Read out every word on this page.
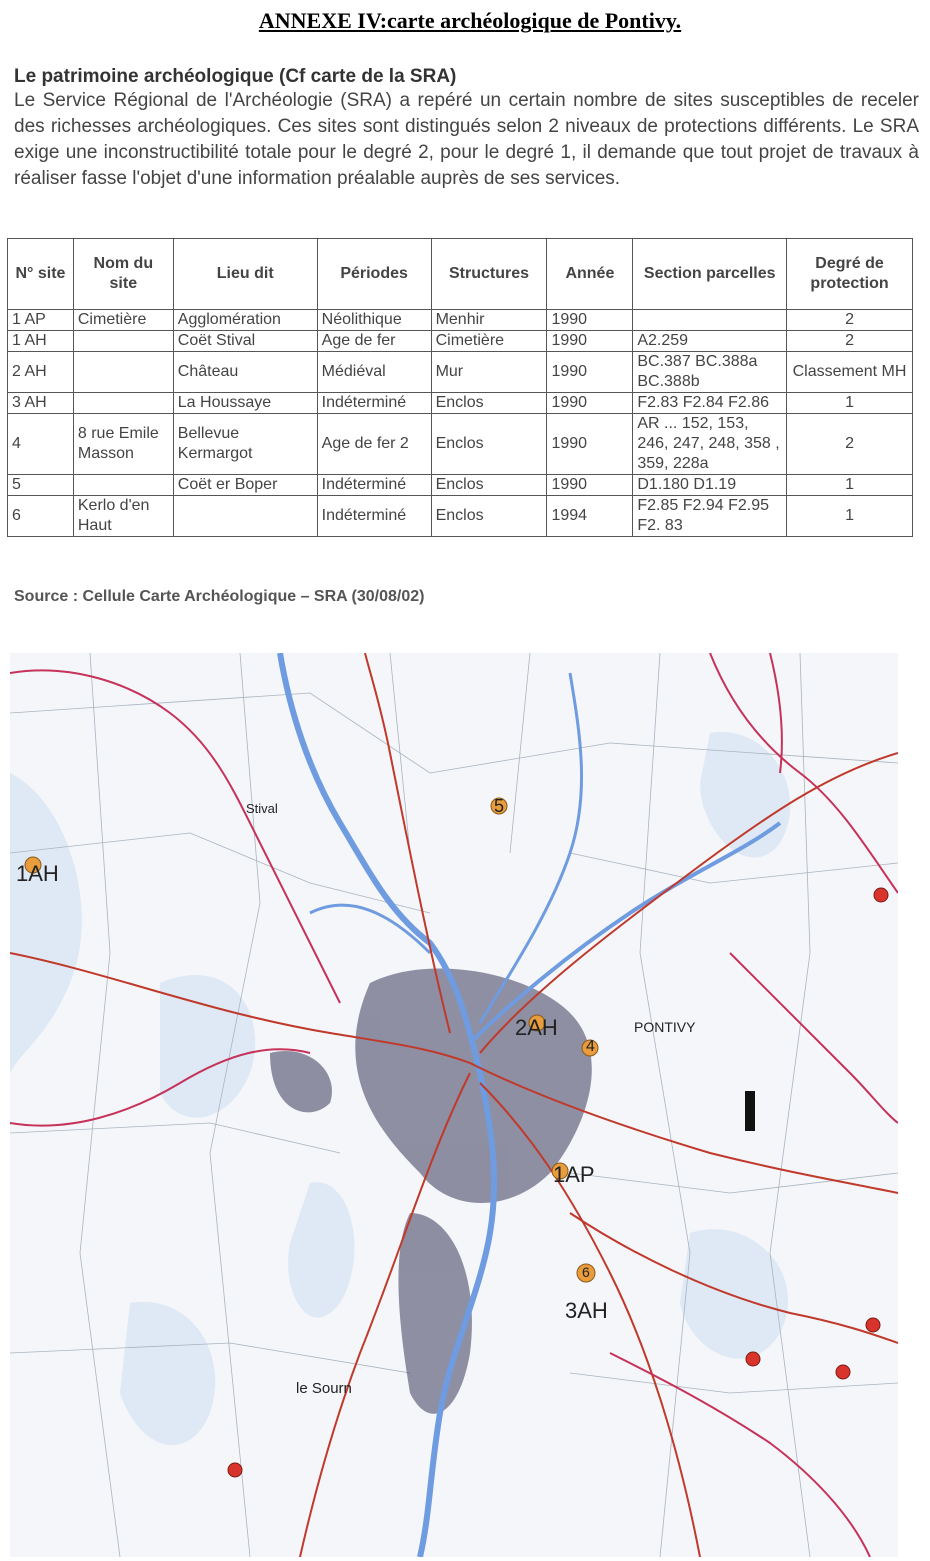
ANNEXE IV:carte archéologique de Pontivy.
Le patrimoine archéologique (Cf carte de la SRA)
Le Service Régional de l'Archéologie (SRA) a repéré un certain nombre de sites susceptibles de receler des richesses archéologiques. Ces sites sont distingués selon 2 niveaux de protections différents. Le SRA exige une inconstructibilité totale pour le degré 2, pour le degré 1, il demande que tout projet de travaux à réaliser fasse l'objet d'une information préalable auprès de ses services.
N° site	Nom du site	Lieu dit	Périodes	Structures	Année	Section parcelles	Degré de protection
1 AP	Cimetière	Agglomération	Néolithique	Menhir	1990		2
1 AH		Coët Stival	Age de fer	Cimetière	1990	A2.259	2
2 AH		Château	Médiéval	Mur	1990	BC.387 BC.388a BC.388b	Classement MH
3 AH		La Houssaye	Indéterminé	Enclos	1990	F2.83 F2.84 F2.86	1
4	8 rue Emile Masson	Bellevue Kermargot	Age de fer 2	Enclos	1990	AR ... 152, 153, 246, 247, 248, 358 , 359, 228a	2
5		Coët er Boper	Indéterminé	Enclos	1990	D1.180 D1.19	1
6	Kerlo d'en Haut		Indéterminé	Enclos	1994	F2.85 F2.94 F2.95 F2. 83	1
Source : Cellule Carte Archéologique – SRA (30/08/02)
1AH
2AH
4
5
1AP
3AH
6
PONTIVY
Stival
le Sourn
